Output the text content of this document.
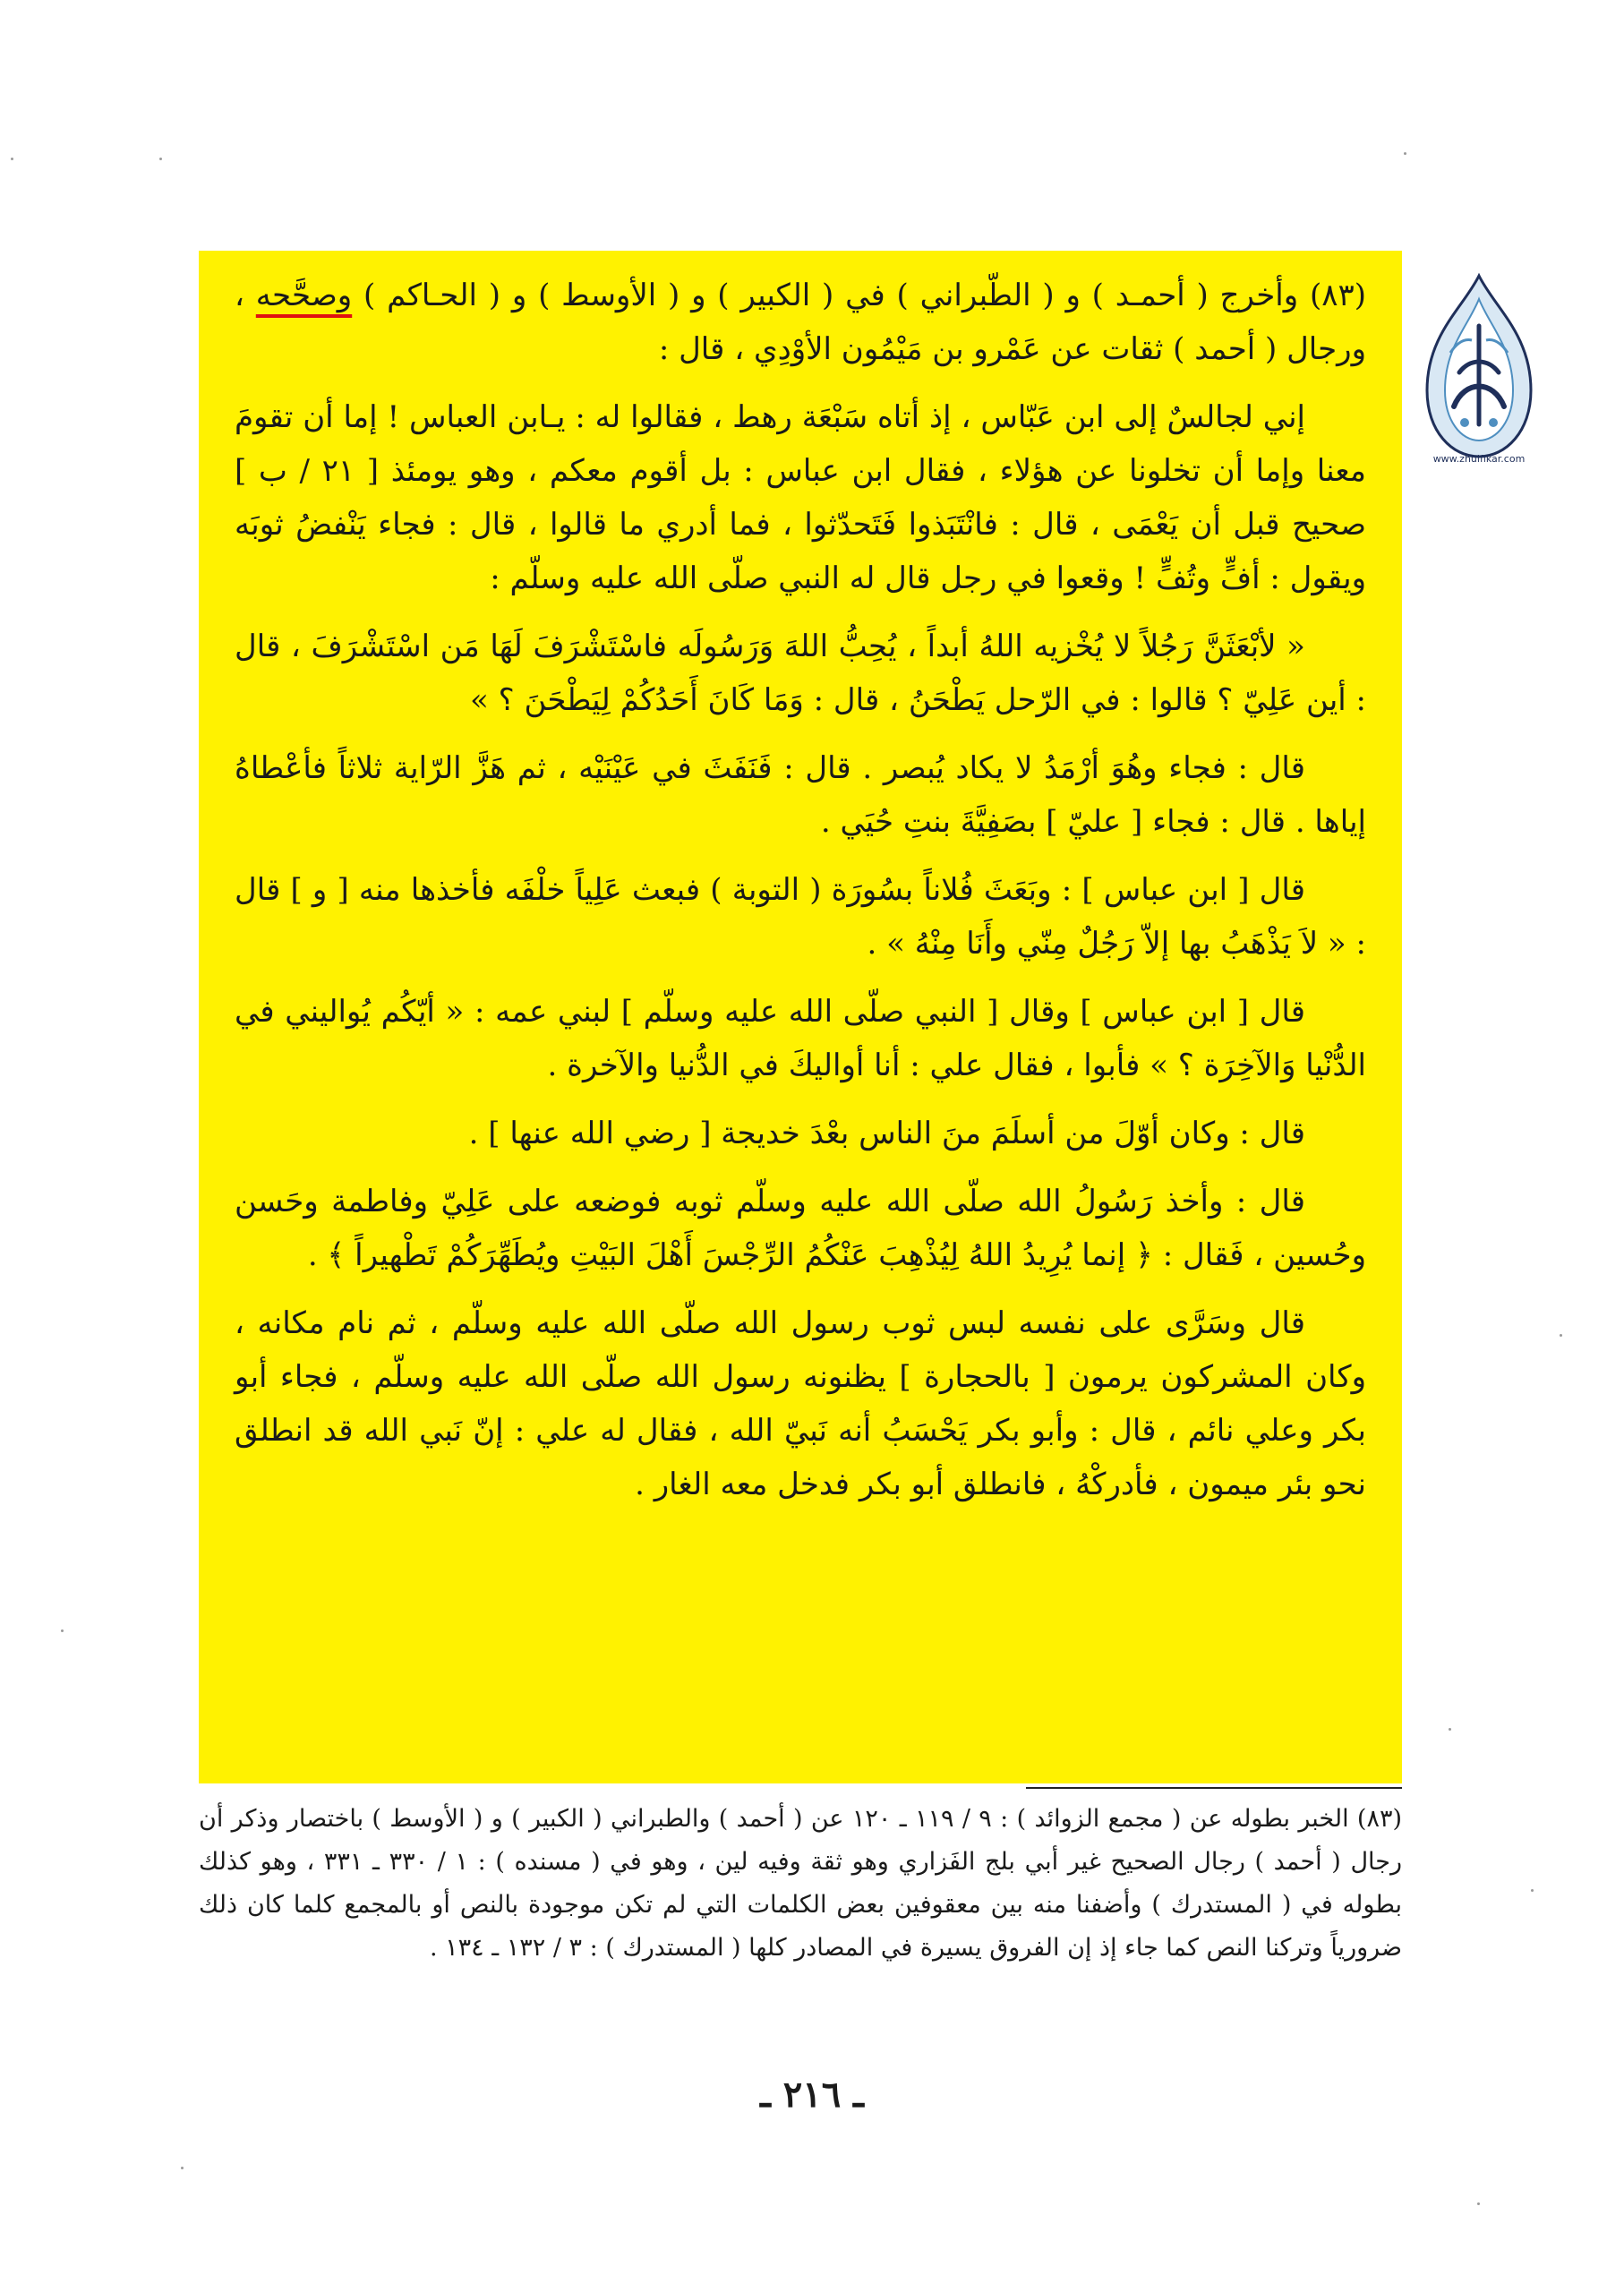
www.zhulfikar.com

(٨٣) وأخرج ( أحمـد ) و ( الطّبراني ) في ( الكبير ) و ( الأوسط ) و ( الحـاكم ) وصحَّحه ، ورجال ( أحمد ) ثقات عن عَمْرو بن مَيْمُون الأوْدِي ، قال :

إني لجالسٌ إلى ابن عَبّاس ، إذ أتاه سَبْعَة رهط ، فقالوا له : يـابن العباس ! إما أن تقومَ معنا وإما أن تخلونا عن هؤلاء ، فقال ابن عباس : بل أقوم معكم ، وهو يومئذ [ ٢١ / ب ] صحيح قبل أن يَعْمَى ، قال : فانْتَبَذوا فَتَحدّثوا ، فما أدري ما قالوا ، قال : فجاء يَنْفضُ ثوبَه ويقول : أفٍّ وتُفٍّ ! وقعوا في رجل قال له النبي صلّى الله عليه وسلّم :

« لأبْعَثَنَّ رَجُلاً لا يُخْزيه اللهُ أبداً ، يُحِبُّ اللهَ وَرَسُولَه فاسْتَشْرَفَ لَهَا مَن اسْتَشْرَفَ ، قال : أين عَلِيّ ؟ قالوا : في الرّحل يَطْحَنُ ، قال : وَمَا كَانَ أَحَدُكُمْ لِيَطْحَنَ ؟ »

قال : فجاء وهُوَ أرْمَدُ لا يكاد يُبصر . قال : فَنَفَثَ في عَيْنَيْه ، ثم هَزَّ الرّاية ثلاثاً فأعْطاهُ إياها . قال : فجاء [ عليّ ] بصَفِيَّةَ بنتِ حُيَي .

قال [ ابن عباس ] : وبَعَثَ فُلاناً بسُورَة ( التوبة ) فبعث عَلِياً خلْفَه فأخذها منه [ و ] قال : « لاَ يَذْهَبُ بها إلاّ رَجُلٌ مِنّي وأَنَا مِنْهُ » .

قال [ ابن عباس ] وقال [ النبي صلّى الله عليه وسلّم ] لبني عمه : « أيّكُم يُواليني في الدُّنْيا وَالآخِرَة ؟ » فأبوا ، فقال علي : أنا أواليكَ في الدُّنيا والآخرة .

قال : وكان أوّلَ من أسلَمَ منَ الناس بعْدَ خديجة [ رضي الله عنها ] .

قال : وأخذ رَسُولُ الله صلّى الله عليه وسلّم ثوبه فوضعه على عَلِيّ وفاطمة وحَسن وحُسين ، فَقال : ﴿ إنما يُرِيدُ اللهُ لِيُذْهِبَ عَنْكُمُ الرِّجْسَ أَهْلَ البَيْتِ ويُطَهِّرَكُمْ تَطْهيراً ﴾ .

قال وسَرَّى على نفسه لبس ثوب رسول الله صلّى الله عليه وسلّم ، ثم نام مكانه ، وكان المشركون يرمون [ بالحجارة ] يظنونه رسول الله صلّى الله عليه وسلّم ، فجاء أبو بكر وعلي نائم ، قال : وأبو بكر يَحْسَبُ أنه نَبيّ الله ، فقال له علي : إنّ نَبي الله قد انطلق نحو بئر ميمون ، فأدركْهُ ، فانطلق أبو بكر فدخل معه الغار .

(٨٣) الخبر بطوله عن ( مجمع الزوائد ) : ٩ / ١١٩ ـ ١٢٠ عن ( أحمد ) والطبراني ( الكبير ) و ( الأوسط ) باختصار وذكر أن رجال ( أحمد ) رجال الصحيح غير أبي بلج الفَزاري وهو ثقة وفيه لين ، وهو في ( مسنده ) : ١ / ٣٣٠ ـ ٣٣١ ، وهو كذلك بطوله في ( المستدرك ) وأضفنا منه بين معقوفين بعض الكلمات التي لم تكن موجودة بالنص أو بالمجمع كلما كان ذلك ضرورياً وتركنا النص كما جاء إذ إن الفروق يسيرة في المصادر كلها ( المستدرك ) : ٣ / ١٣٢ ـ ١٣٤ .

ـ ٢١٦ ـ
